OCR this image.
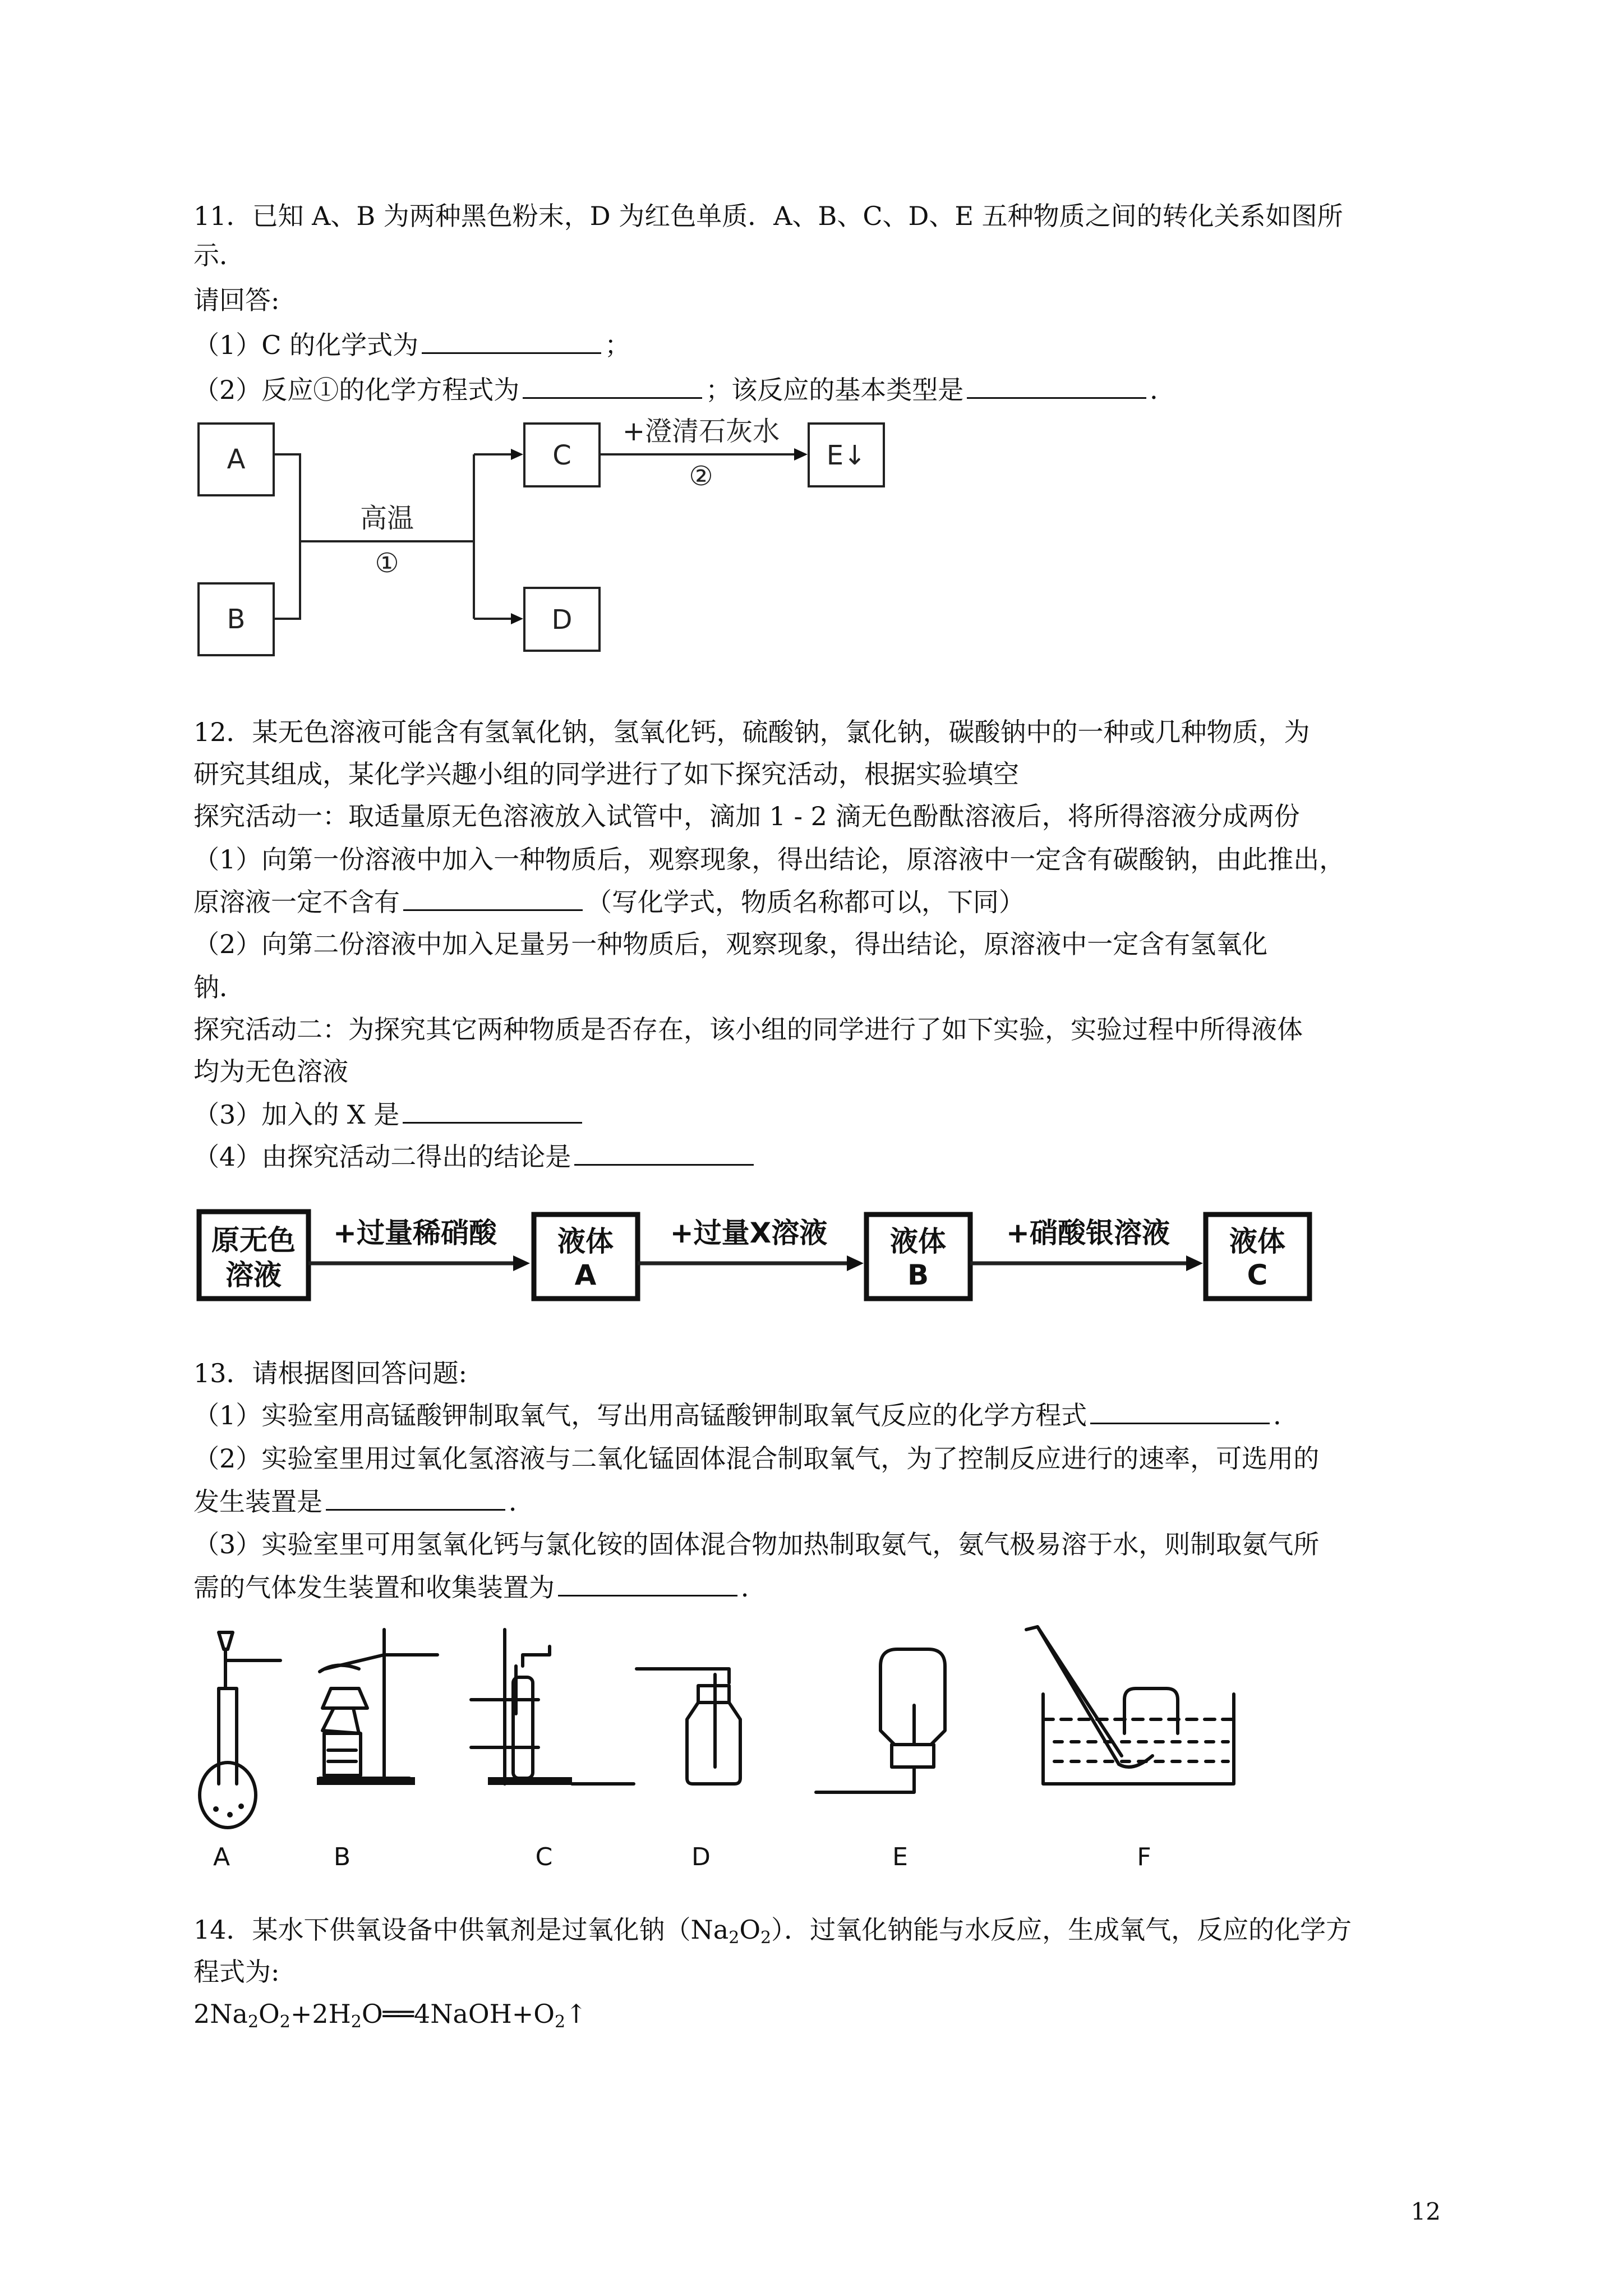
11．已知 A、B 为两种黑色粉末，D 为红色单质．A、B、C、D、E 五种物质之间的转化关系如图所
示．
请回答:
（1）C 的化学式为	；
（2）反应①的化学方程式为	；该反应的基本类型是	．
A
B
高温
①
C
D
+澄清石灰水
②
E↓
12．某无色溶液可能含有氢氧化钠，氢氧化钙，硫酸钠，氯化钠，碳酸钠中的一种或几种物质，为
研究其组成，某化学兴趣小组的同学进行了如下探究活动，根据实验填空
探究活动一：取适量原无色溶液放入试管中，滴加 1 - 2 滴无色酚酞溶液后，将所得溶液分成两份
（1）向第一份溶液中加入一种物质后，观察现象，得出结论，原溶液中一定含有碳酸钠，由此推出，
原溶液一定不含有	（写化学式，物质名称都可以，下同）
（2）向第二份溶液中加入足量另一种物质后，观察现象，得出结论，原溶液中一定含有氢氧化
钠．
探究活动二：为探究其它两种物质是否存在，该小组的同学进行了如下实验，实验过程中所得液体
均为无色溶液
（3）加入的 X 是
（4）由探究活动二得出的结论是
原无色
溶液
+过量稀硝酸 液体
A
+过量X溶液 液体
B
+硝酸银溶液 液体
C
13．请根据图回答问题:
（1）实验室用高锰酸钾制取氧气，写出用高锰酸钾制取氧气反应的化学方程式	．
（2）实验室里用过氧化氢溶液与二氧化锰固体混合制取氧气，为了控制反应进行的速率，可选用的
发生装置是	．
（3）实验室里可用氢氧化钙与氯化铵的固体混合物加热制取氨气，氨气极易溶于水，则制取氨气所
需的气体发生装置和收集装置为	．
A	B	C	D	E	F
14．某水下供氧设备中供氧剂是过氧化钠$(Na_2O_2)$．过氧化钠能与水反应，生成氧气，反应的化学方
程式为:
$2Na_2O_2+2H_2O══4NaOH+O_2↑$
12
